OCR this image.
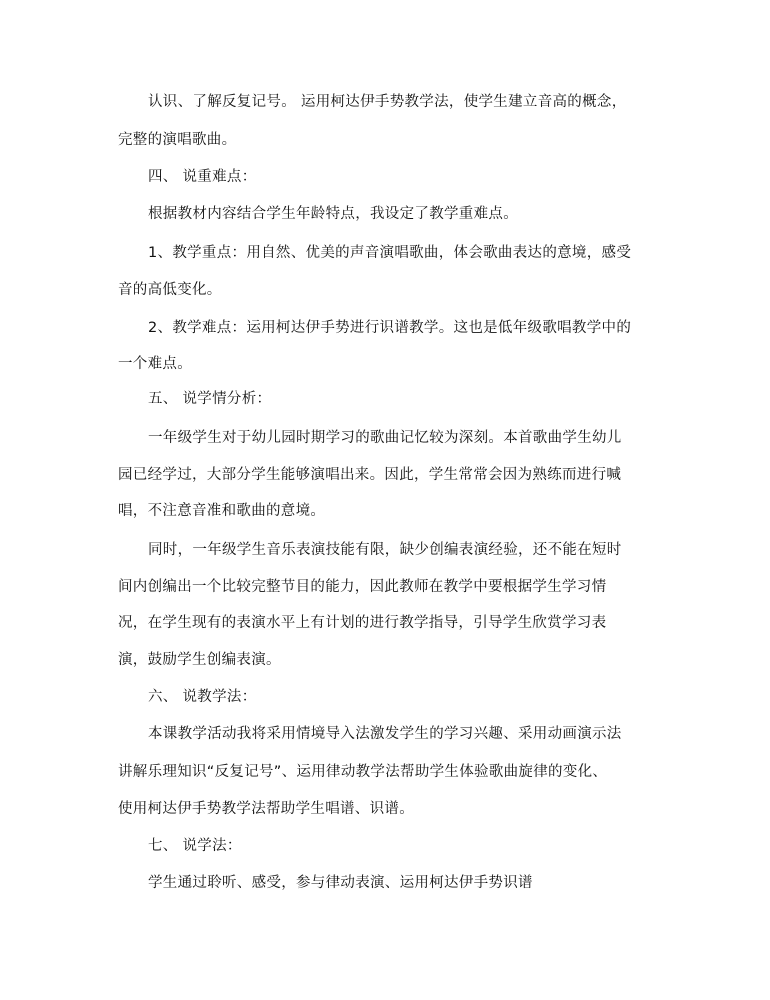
认识、了解反复记号。 运用柯达伊手势教学法，使学生建立音高的概念，
完整的演唱歌曲。
四、 说重难点：
根据教材内容结合学生年龄特点，我设定了教学重难点。
1、教学重点：用自然、优美的声音演唱歌曲，体会歌曲表达的意境，感受
音的高低变化。
2、教学难点：运用柯达伊手势进行识谱教学。这也是低年级歌唱教学中的
一个难点。
五、 说学情分析：
一年级学生对于幼儿园时期学习的歌曲记忆较为深刻。本首歌曲学生幼儿
园已经学过，大部分学生能够演唱出来。因此，学生常常会因为熟练而进行喊
唱，不注意音准和歌曲的意境。
同时，一年级学生音乐表演技能有限，缺少创编表演经验，还不能在短时
间内创编出一个比较完整节目的能力，因此教师在教学中要根据学生学习情
况，在学生现有的表演水平上有计划的进行教学指导，引导学生欣赏学习表
演，鼓励学生创编表演。
六、 说教学法：
本课教学活动我将采用情境导入法激发学生的学习兴趣、采用动画演示法
讲解乐理知识“反复记号”、运用律动教学法帮助学生体验歌曲旋律的变化、
使用柯达伊手势教学法帮助学生唱谱、识谱。
七、 说学法：
学生通过聆听、感受，参与律动表演、运用柯达伊手势识谱
